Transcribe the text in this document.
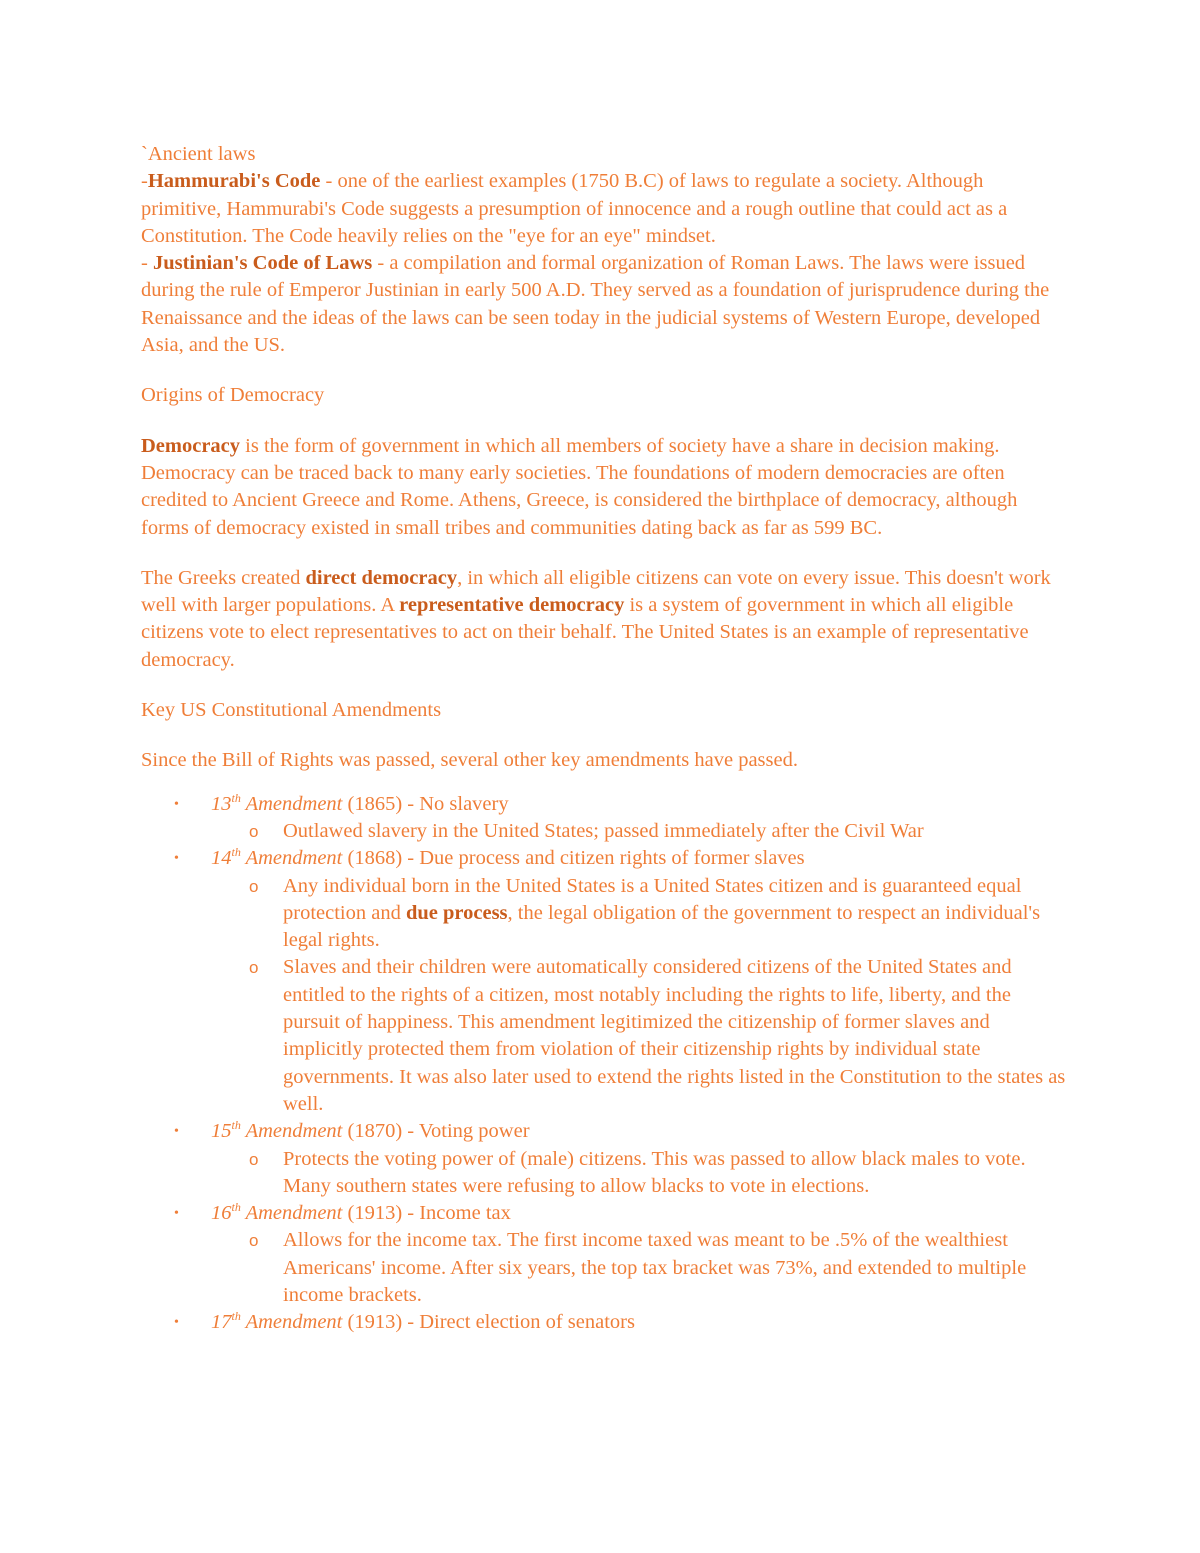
`Ancient laws

-Hammurabi's Code - one of the earliest examples (1750 B.C) of laws to regulate a society. Although primitive, Hammurabi's Code suggests a presumption of innocence and a rough outline that could act as a Constitution. The Code heavily relies on the "eye for an eye" mindset.

- Justinian's Code of Laws - a compilation and formal organization of Roman Laws. The laws were issued during the rule of Emperor Justinian in early 500 A.D. They served as a foundation of jurisprudence during the Renaissance and the ideas of the laws can be seen today in the judicial systems of Western Europe, developed Asia, and the US.

Origins of Democracy

Democracy is the form of government in which all members of society have a share in decision making. Democracy can be traced back to many early societies. The foundations of modern democracies are often credited to Ancient Greece and Rome. Athens, Greece, is considered the birthplace of democracy, although forms of democracy existed in small tribes and communities dating back as far as 599 BC.

The Greeks created direct democracy, in which all eligible citizens can vote on every issue. This doesn't work well with larger populations. A representative democracy is a system of government in which all eligible citizens vote to elect representatives to act on their behalf. The United States is an example of representative democracy.

Key US Constitutional Amendments

Since the Bill of Rights was passed, several other key amendments have passed.

• 13th Amendment (1865) - No slavery
o Outlawed slavery in the United States; passed immediately after the Civil War
• 14th Amendment (1868) - Due process and citizen rights of former slaves
o Any individual born in the United States is a United States citizen and is guaranteed equal protection and due process, the legal obligation of the government to respect an individual's legal rights.
o Slaves and their children were automatically considered citizens of the United States and entitled to the rights of a citizen, most notably including the rights to life, liberty, and the pursuit of happiness. This amendment legitimized the citizenship of former slaves and implicitly protected them from violation of their citizenship rights by individual state governments. It was also later used to extend the rights listed in the Constitution to the states as well.
• 15th Amendment (1870) - Voting power
o Protects the voting power of (male) citizens. This was passed to allow black males to vote. Many southern states were refusing to allow blacks to vote in elections.
• 16th Amendment (1913) - Income tax
o Allows for the income tax. The first income taxed was meant to be .5% of the wealthiest Americans' income. After six years, the top tax bracket was 73%, and extended to multiple income brackets.
• 17th Amendment (1913) - Direct election of senators
